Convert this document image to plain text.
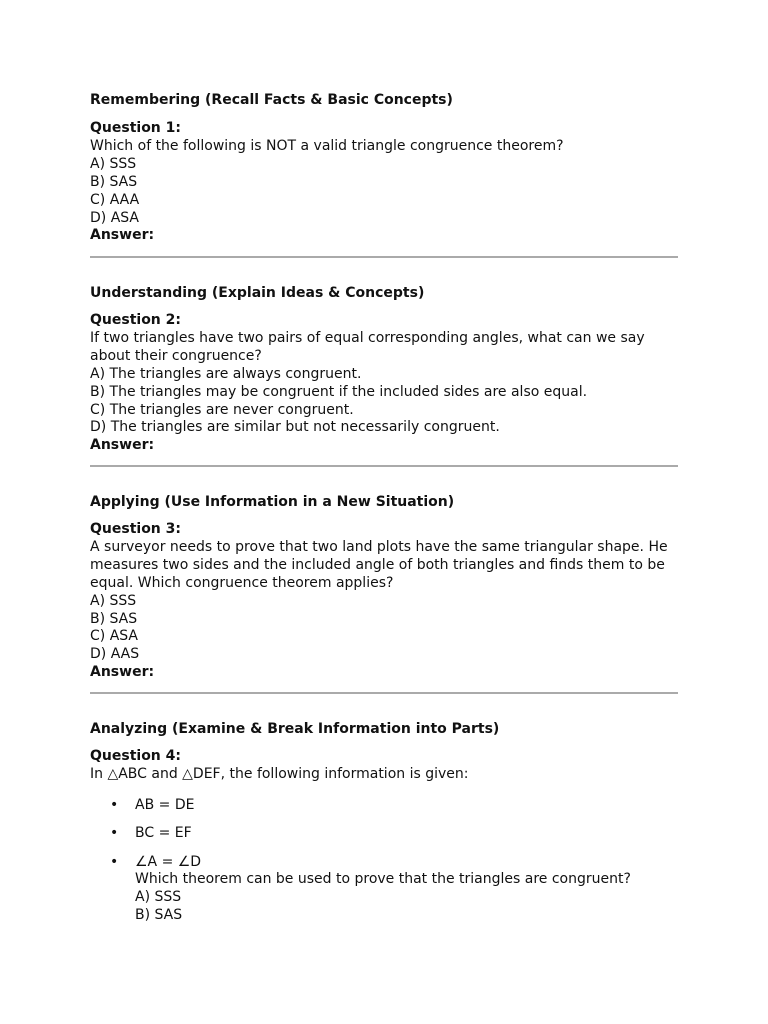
Remembering (Recall Facts & Basic Concepts)
Question 1:
Which of the following is NOT a valid triangle congruence theorem?
A) SSS
B) SAS
C) AAA
D) ASA
Answer:
Understanding (Explain Ideas & Concepts)
Question 2:
If two triangles have two pairs of equal corresponding angles, what can we say
about their congruence?
A) The triangles are always congruent.
B) The triangles may be congruent if the included sides are also equal.
C) The triangles are never congruent.
D) The triangles are similar but not necessarily congruent.
Answer:
Applying (Use Information in a New Situation)
Question 3:
A surveyor needs to prove that two land plots have the same triangular shape. He
measures two sides and the included angle of both triangles and finds them to be
equal. Which congruence theorem applies?
A) SSS
B) SAS
C) ASA
D) AAS
Answer:
Analyzing (Examine & Break Information into Parts)
Question 4:
In △ABC and △DEF, the following information is given:
• AB = DE
• BC = EF
• ∠A = ∠D
Which theorem can be used to prove that the triangles are congruent?
A) SSS
B) SAS
